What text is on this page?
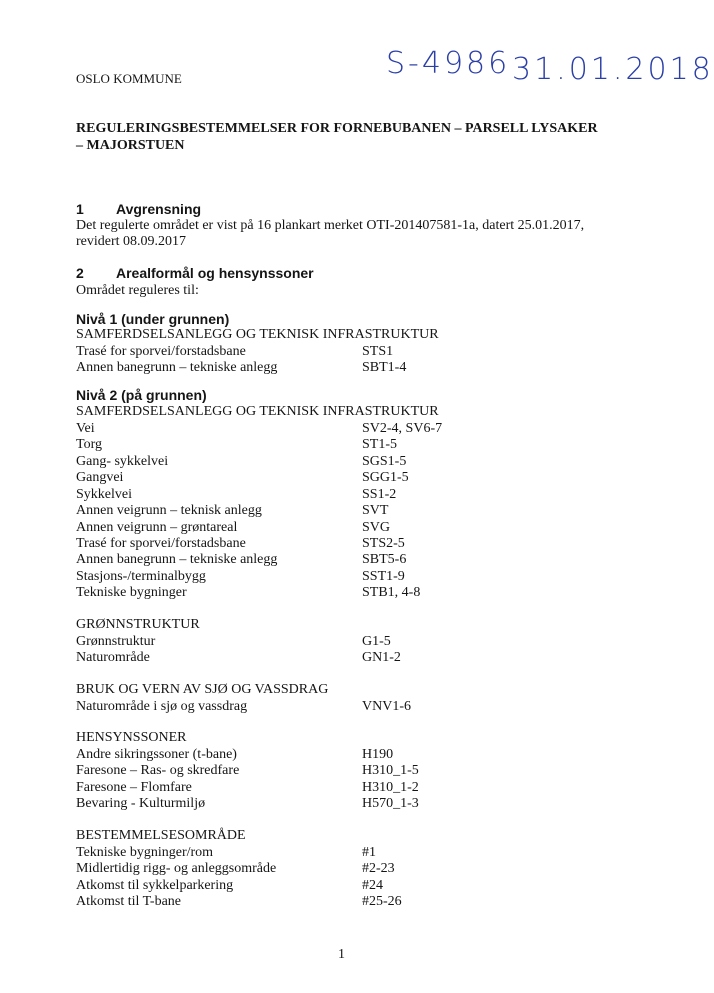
OSLO KOMMUNE	S-4986 31.01.2018
REGULERINGSBESTEMMELSER FOR FORNEBUBANEN – PARSELL LYSAKER
– MAJORSTUEN
1 Avgrensning
Det regulerte området er vist på 16 plankart merket OTI-201407581-1a, datert 25.01.2017,
revidert 08.09.2017
2 Arealformål og hensynssoner
Området reguleres til:
Nivå 1 (under grunnen)
SAMFERDSELSANLEGG OG TEKNISK INFRASTRUKTUR
Trasé for sporvei/forstadsbane	STS1
Annen banegrunn – tekniske anlegg	SBT1-4
Nivå 2 (på grunnen)
SAMFERDSELSANLEGG OG TEKNISK INFRASTRUKTUR
Vei	SV2-4, SV6-7
Torg	ST1-5
Gang- sykkelvei	SGS1-5
Gangvei	SGG1-5
Sykkelvei	SS1-2
Annen veigrunn – teknisk anlegg	SVT
Annen veigrunn – grøntareal	SVG
Trasé for sporvei/forstadsbane	STS2-5
Annen banegrunn – tekniske anlegg	SBT5-6
Stasjons-/terminalbygg	SST1-9
Tekniske bygninger	STB1, 4-8
GRØNNSTRUKTUR
Grønnstruktur	G1-5
Naturområde	GN1-2
BRUK OG VERN AV SJØ OG VASSDRAG
Naturområde i sjø og vassdrag	VNV1-6
HENSYNSSONER
Andre sikringssoner (t-bane)	H190
Faresone – Ras- og skredfare	H310_1-5
Faresone – Flomfare	H310_1-2
Bevaring - Kulturmiljø	H570_1-3
BESTEMMELSESOMRÅDE
Tekniske bygninger/rom	#1
Midlertidig rigg- og anleggsområde	#2-23
Atkomst til sykkelparkering	#24
Atkomst til T-bane	#25-26
1
